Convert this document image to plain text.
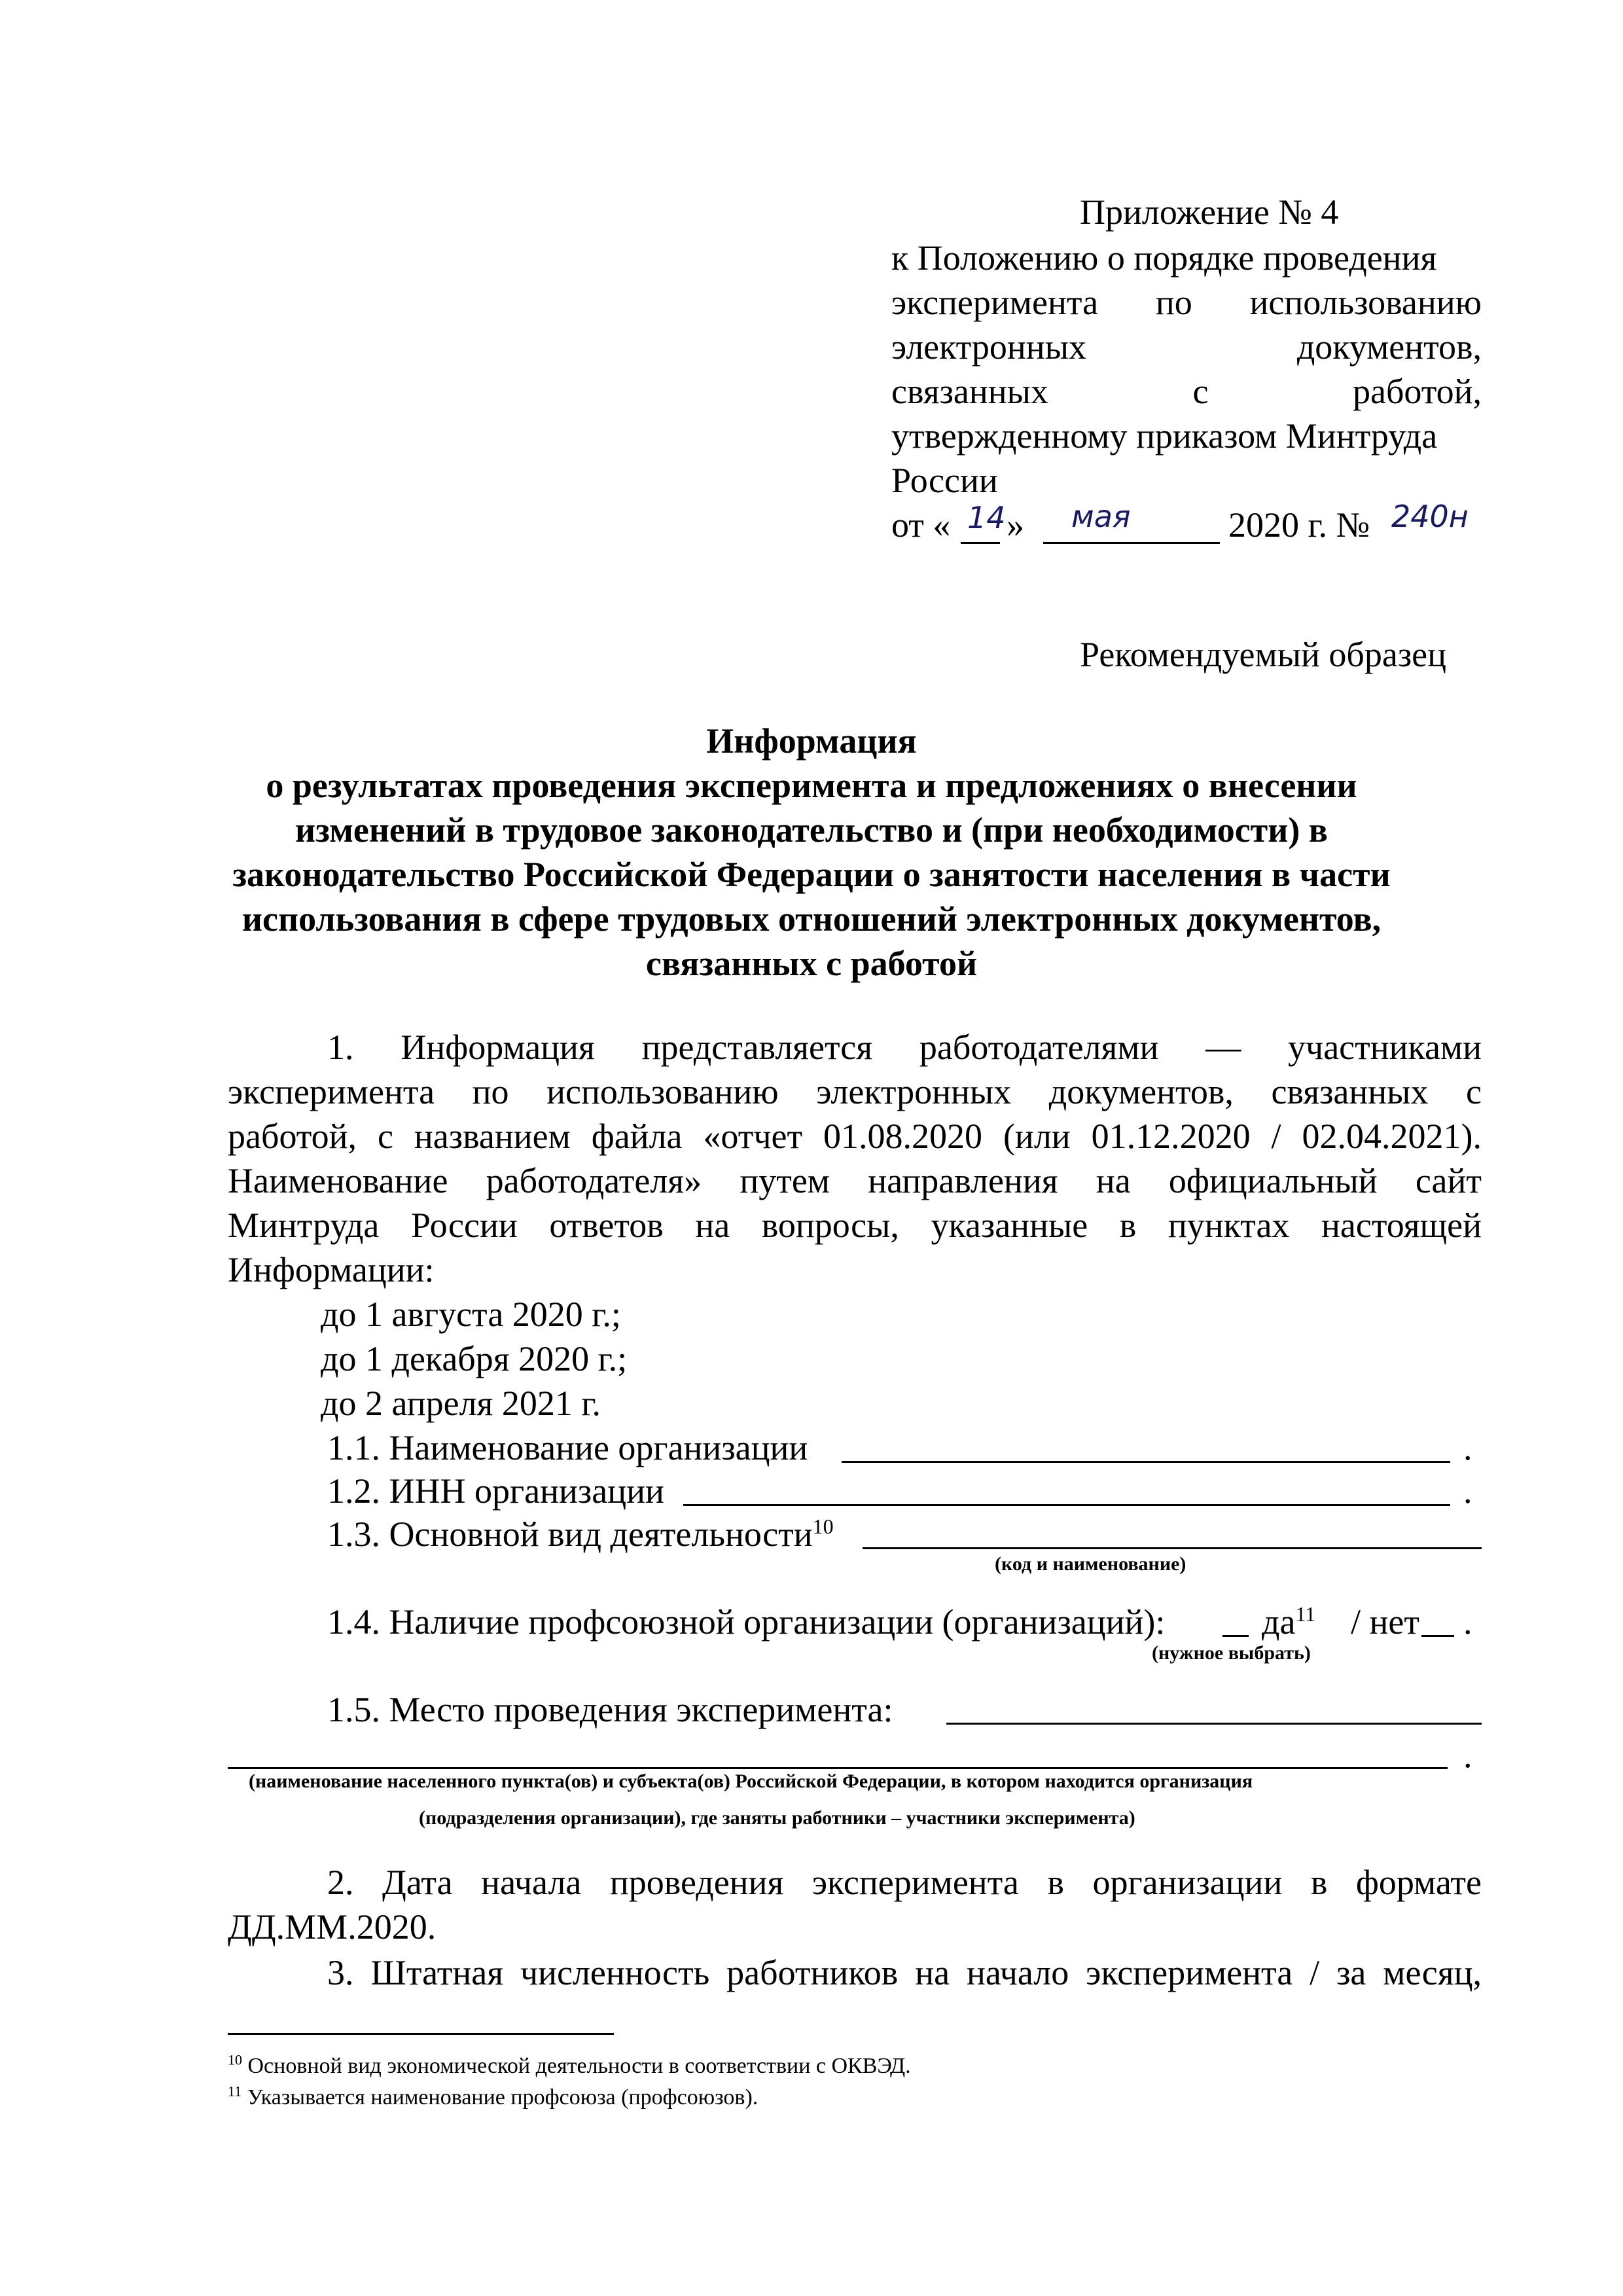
Приложение № 4
к Положению о порядке проведения
эксперимента по использованию
электронных документов,
связанных с работой,
утвержденному приказом Минтруда
России
от « 14 » мая	2020 г. № 240н
Рекомендуемый образец
Информация
о результатах проведения эксперимента и предложениях о внесении
изменений в трудовое законодательство и (при необходимости) в
законодательство Российской Федерации о занятости населения в части
использования в сфере трудовых отношений электронных документов,
связанных с работой
1. Информация представляется работодателями — участниками
эксперимента по использованию электронных документов, связанных с
работой, с названием файла «отчет 01.08.2020 (или 01.12.2020 / 02.04.2021).
Наименование работодателя» путем направления на официальный сайт
Минтруда России ответов на вопросы, указанные в пунктах настоящей
Информации:
до 1 августа 2020 г.;
до 1 декабря 2020 г.;
до 2 апреля 2021 г.
1.1. Наименование организации	.
1.2. ИНН организации	.
1.3. Основной вид деятельности$^{10}$
(код и наименование)
1.4. Наличие профсоюзной организации (организаций):	$да^{11}$ / нет .
(нужное выбрать)
1.5. Место проведения эксперимента:
.
(наименование населенного пункта(ов) и субъекта(ов) Российской Федерации, в котором находится организация
(подразделения организации), где заняты работники – участники эксперимента)
2. Дата начала проведения эксперимента в организации в формате
ДД.ММ.2020.
3. Штатная численность работников на начало эксперимента / за месяц,
$^{10}$ Основной вид экономической деятельности в соответствии с ОКВЭД.
$^{11}$ Указывается наименование профсоюза (профсоюзов).
